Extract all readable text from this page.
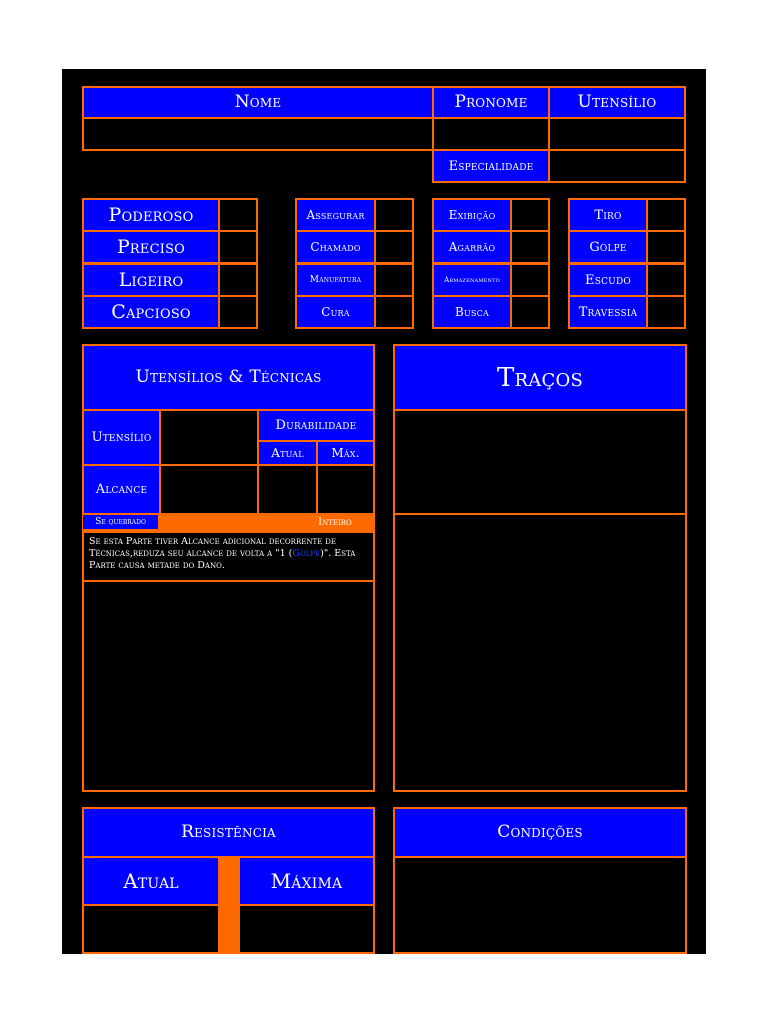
Nome	Pronome	Utensílio
Especialidade
Poderoso
Preciso
Ligeiro
Capcioso
Assegurar
Chamado
Manufatura
Cura
Exibição
Agarrão
Armazenamento
Busca
Tiro
Golpe
Escudo
Travessia
Utensílios & Técnicas
Utensílio
Durabilidade
Atual	Máx.
Alcance
Se quebrado	Inteiro
Se esta Parte tiver Alcance adicional decorrente de Técnicas,reduza seu alcance de volta a "1 (Golpe)". Esta Parte causa metade do Dano.
Traços
Resistência
Atual	Máxima
Condições
